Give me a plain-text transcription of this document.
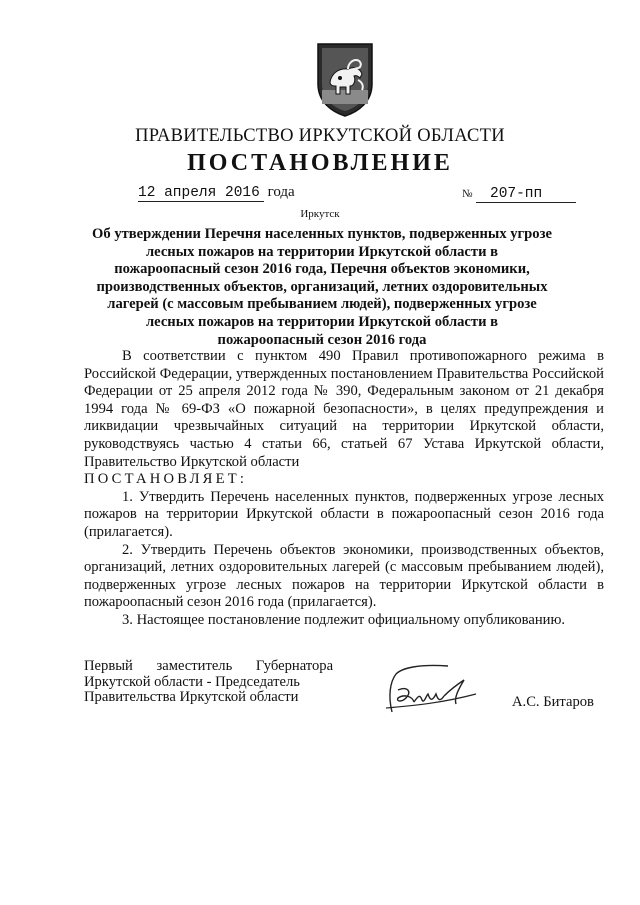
ПРАВИТЕЛЬСТВО ИРКУТСКОЙ ОБЛАСТИ
ПОСТАНОВЛЕНИЕ
12 апреля 2016 года	№ 207-пп
Иркутск

Об утверждении Перечня населенных пунктов, подверженных угрозе лесных пожаров на территории Иркутской области в пожароопасный сезон 2016 года, Перечня объектов экономики, производственных объектов, организаций, летних оздоровительных лагерей (с массовым пребыванием людей), подверженных угрозе лесных пожаров на территории Иркутской области в пожароопасный сезон 2016 года

В соответствии с пунктом 490 Правил противопожарного режима в Российской Федерации, утвержденных постановлением Правительства Российской Федерации от 25 апреля 2012 года № 390, Федеральным законом от 21 декабря 1994 года № 69-ФЗ «О пожарной безопасности», в целях предупреждения и ликвидации чрезвычайных ситуаций на территории Иркутской области, руководствуясь частью 4 статьи 66, статьей 67 Устава Иркутской области, Правительство Иркутской области

ПОСТАНОВЛЯЕТ:

1. Утвердить Перечень населенных пунктов, подверженных угрозе лесных пожаров на территории Иркутской области в пожароопасный сезон 2016 года (прилагается).

2. Утвердить Перечень объектов экономики, производственных объектов, организаций, летних оздоровительных лагерей (с массовым пребыванием людей), подверженных угрозе лесных пожаров на территории Иркутской области в пожароопасный сезон 2016 года (прилагается).

3. Настоящее постановление подлежит официальному опубликованию.

Первый заместитель Губернатора
Иркутской области - Председатель
Правительства Иркутской области	А.С. Битаров
